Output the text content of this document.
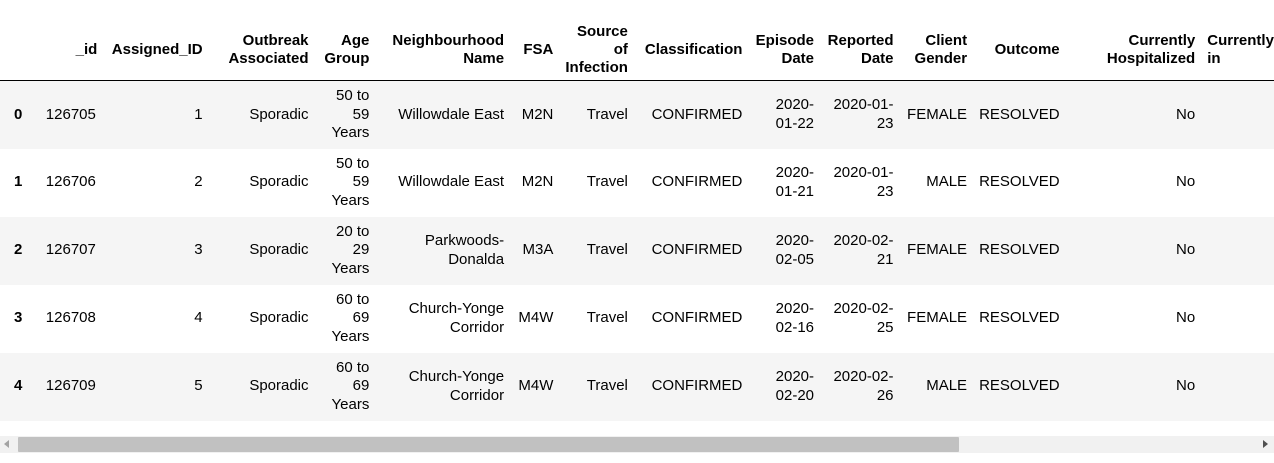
	_id	Assigned_ID	Outbreak Associated	Age Group	Neighbourhood Name	FSA	Source of Infection	Classification	Episode Date	Reported Date	Client Gender	Outcome	Currently Hospitalized	Currently in
0	126705	1	Sporadic	50 to 59 Years	Willowdale East	M2N	Travel	CONFIRMED	2020-01-22	2020-01-23	FEMALE	RESOLVED	No	
1	126706	2	Sporadic	50 to 59 Years	Willowdale East	M2N	Travel	CONFIRMED	2020-01-21	2020-01-23	MALE	RESOLVED	No	
2	126707	3	Sporadic	20 to 29 Years	Parkwoods-Donalda	M3A	Travel	CONFIRMED	2020-02-05	2020-02-21	FEMALE	RESOLVED	No	
3	126708	4	Sporadic	60 to 69 Years	Church-Yonge Corridor	M4W	Travel	CONFIRMED	2020-02-16	2020-02-25	FEMALE	RESOLVED	No	
4	126709	5	Sporadic	60 to 69 Years	Church-Yonge Corridor	M4W	Travel	CONFIRMED	2020-02-20	2020-02-26	MALE	RESOLVED	No	
